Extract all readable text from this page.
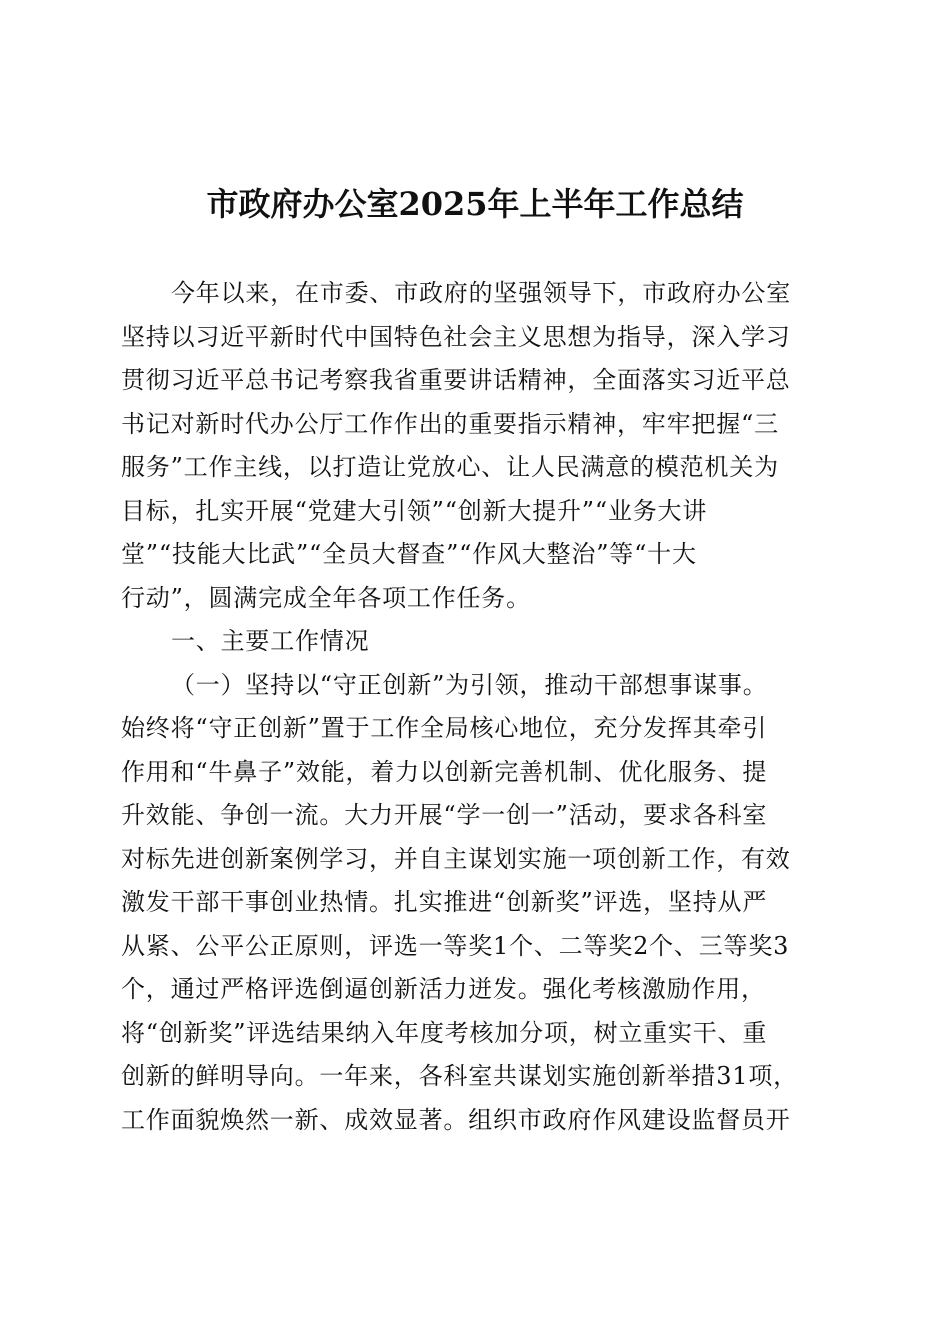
市政府办公室2025年上半年工作总结
今年以来，在市委、市政府的坚强领导下，市政府办公室
坚持以习近平新时代中国特色社会主义思想为指导，深入学习
贯彻习近平总书记考察我省重要讲话精神，全面落实习近平总
书记对新时代办公厅工作作出的重要指示精神，牢牢把握“三
服务”工作主线，以打造让党放心、让人民满意的模范机关为
目标，扎实开展“党建大引领”“创新大提升”“业务大讲
堂”“技能大比武”“全员大督查”“作风大整治”等“十大
行动”，圆满完成全年各项工作任务。
一、主要工作情况
（一）坚持以“守正创新”为引领，推动干部想事谋事。
始终将“守正创新”置于工作全局核心地位，充分发挥其牵引
作用和“牛鼻子”效能，着力以创新完善机制、优化服务、提
升效能、争创一流。大力开展“学一创一”活动，要求各科室
对标先进创新案例学习，并自主谋划实施一项创新工作，有效
激发干部干事创业热情。扎实推进“创新奖”评选，坚持从严
从紧、公平公正原则，评选一等奖1个、二等奖2个、三等奖3
个，通过严格评选倒逼创新活力迸发。强化考核激励作用，
将“创新奖”评选结果纳入年度考核加分项，树立重实干、重
创新的鲜明导向。一年来，各科室共谋划实施创新举措31项，
工作面貌焕然一新、成效显著。组织市政府作风建设监督员开
